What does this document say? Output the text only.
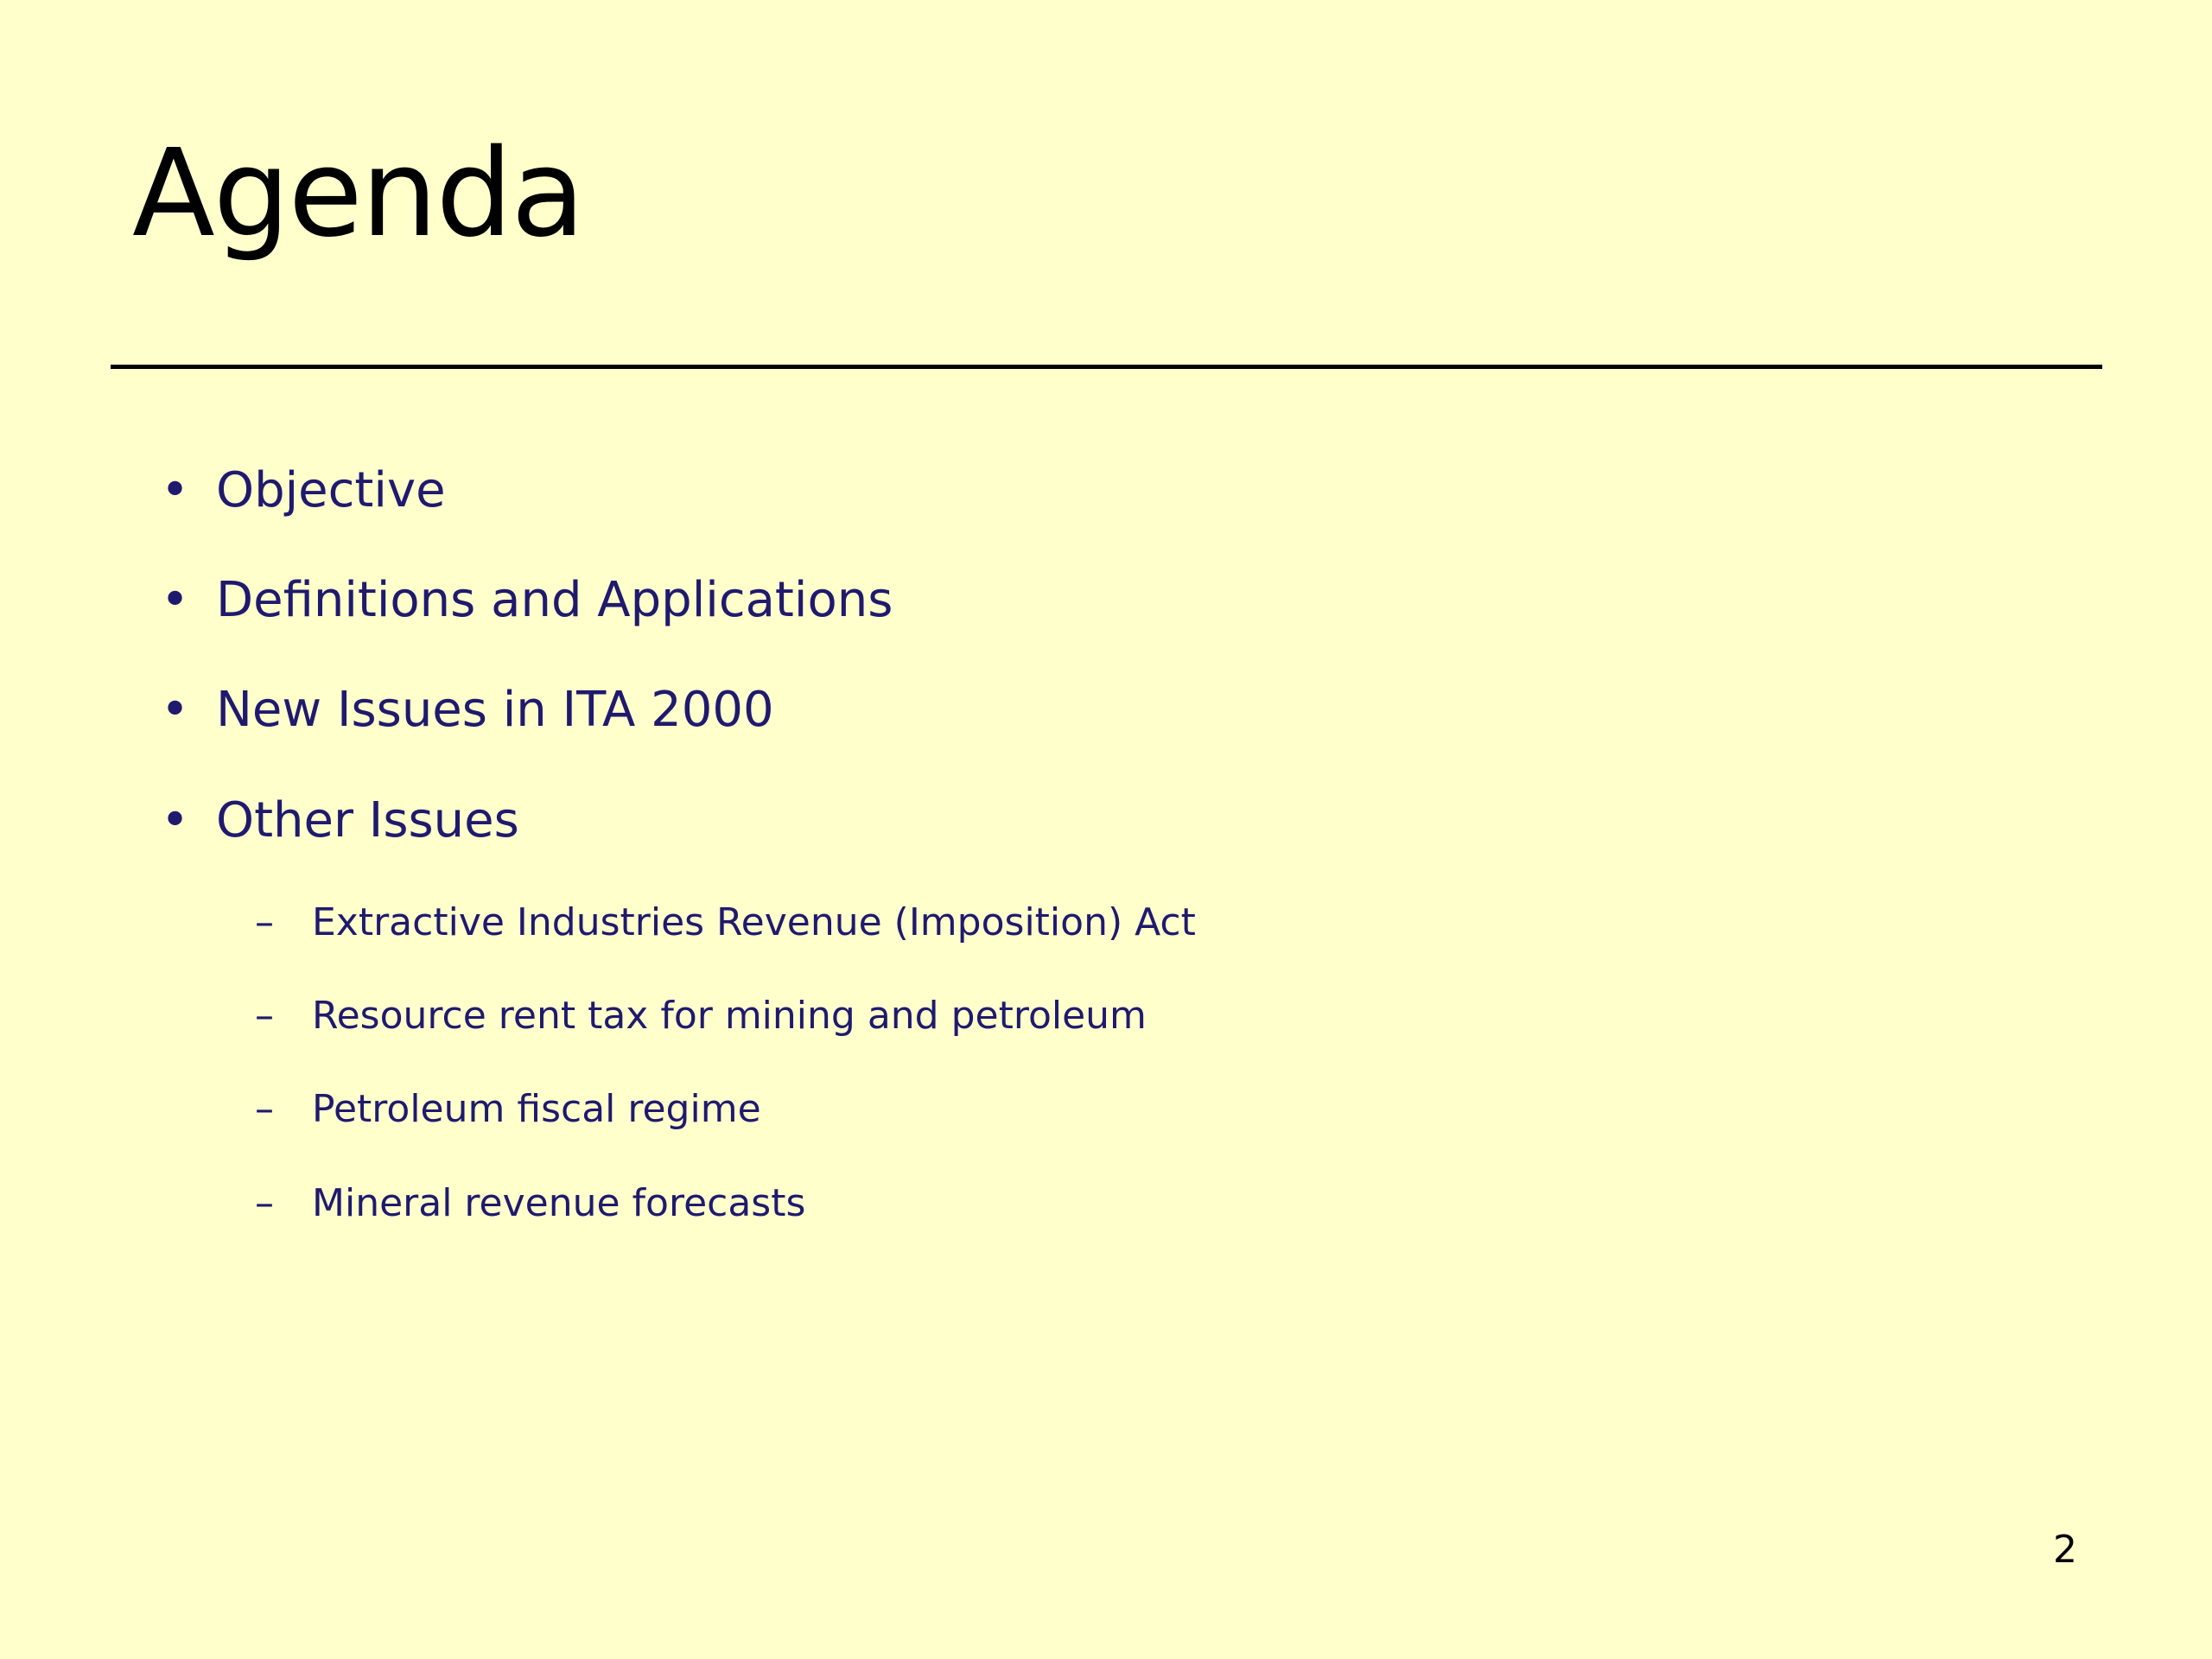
Agenda
• Objective
• Definitions and Applications
• New Issues in ITA 2000
• Other Issues
– Extractive Industries Revenue (Imposition) Act
– Resource rent tax for mining and petroleum
– Petroleum fiscal regime
– Mineral revenue forecasts
2
